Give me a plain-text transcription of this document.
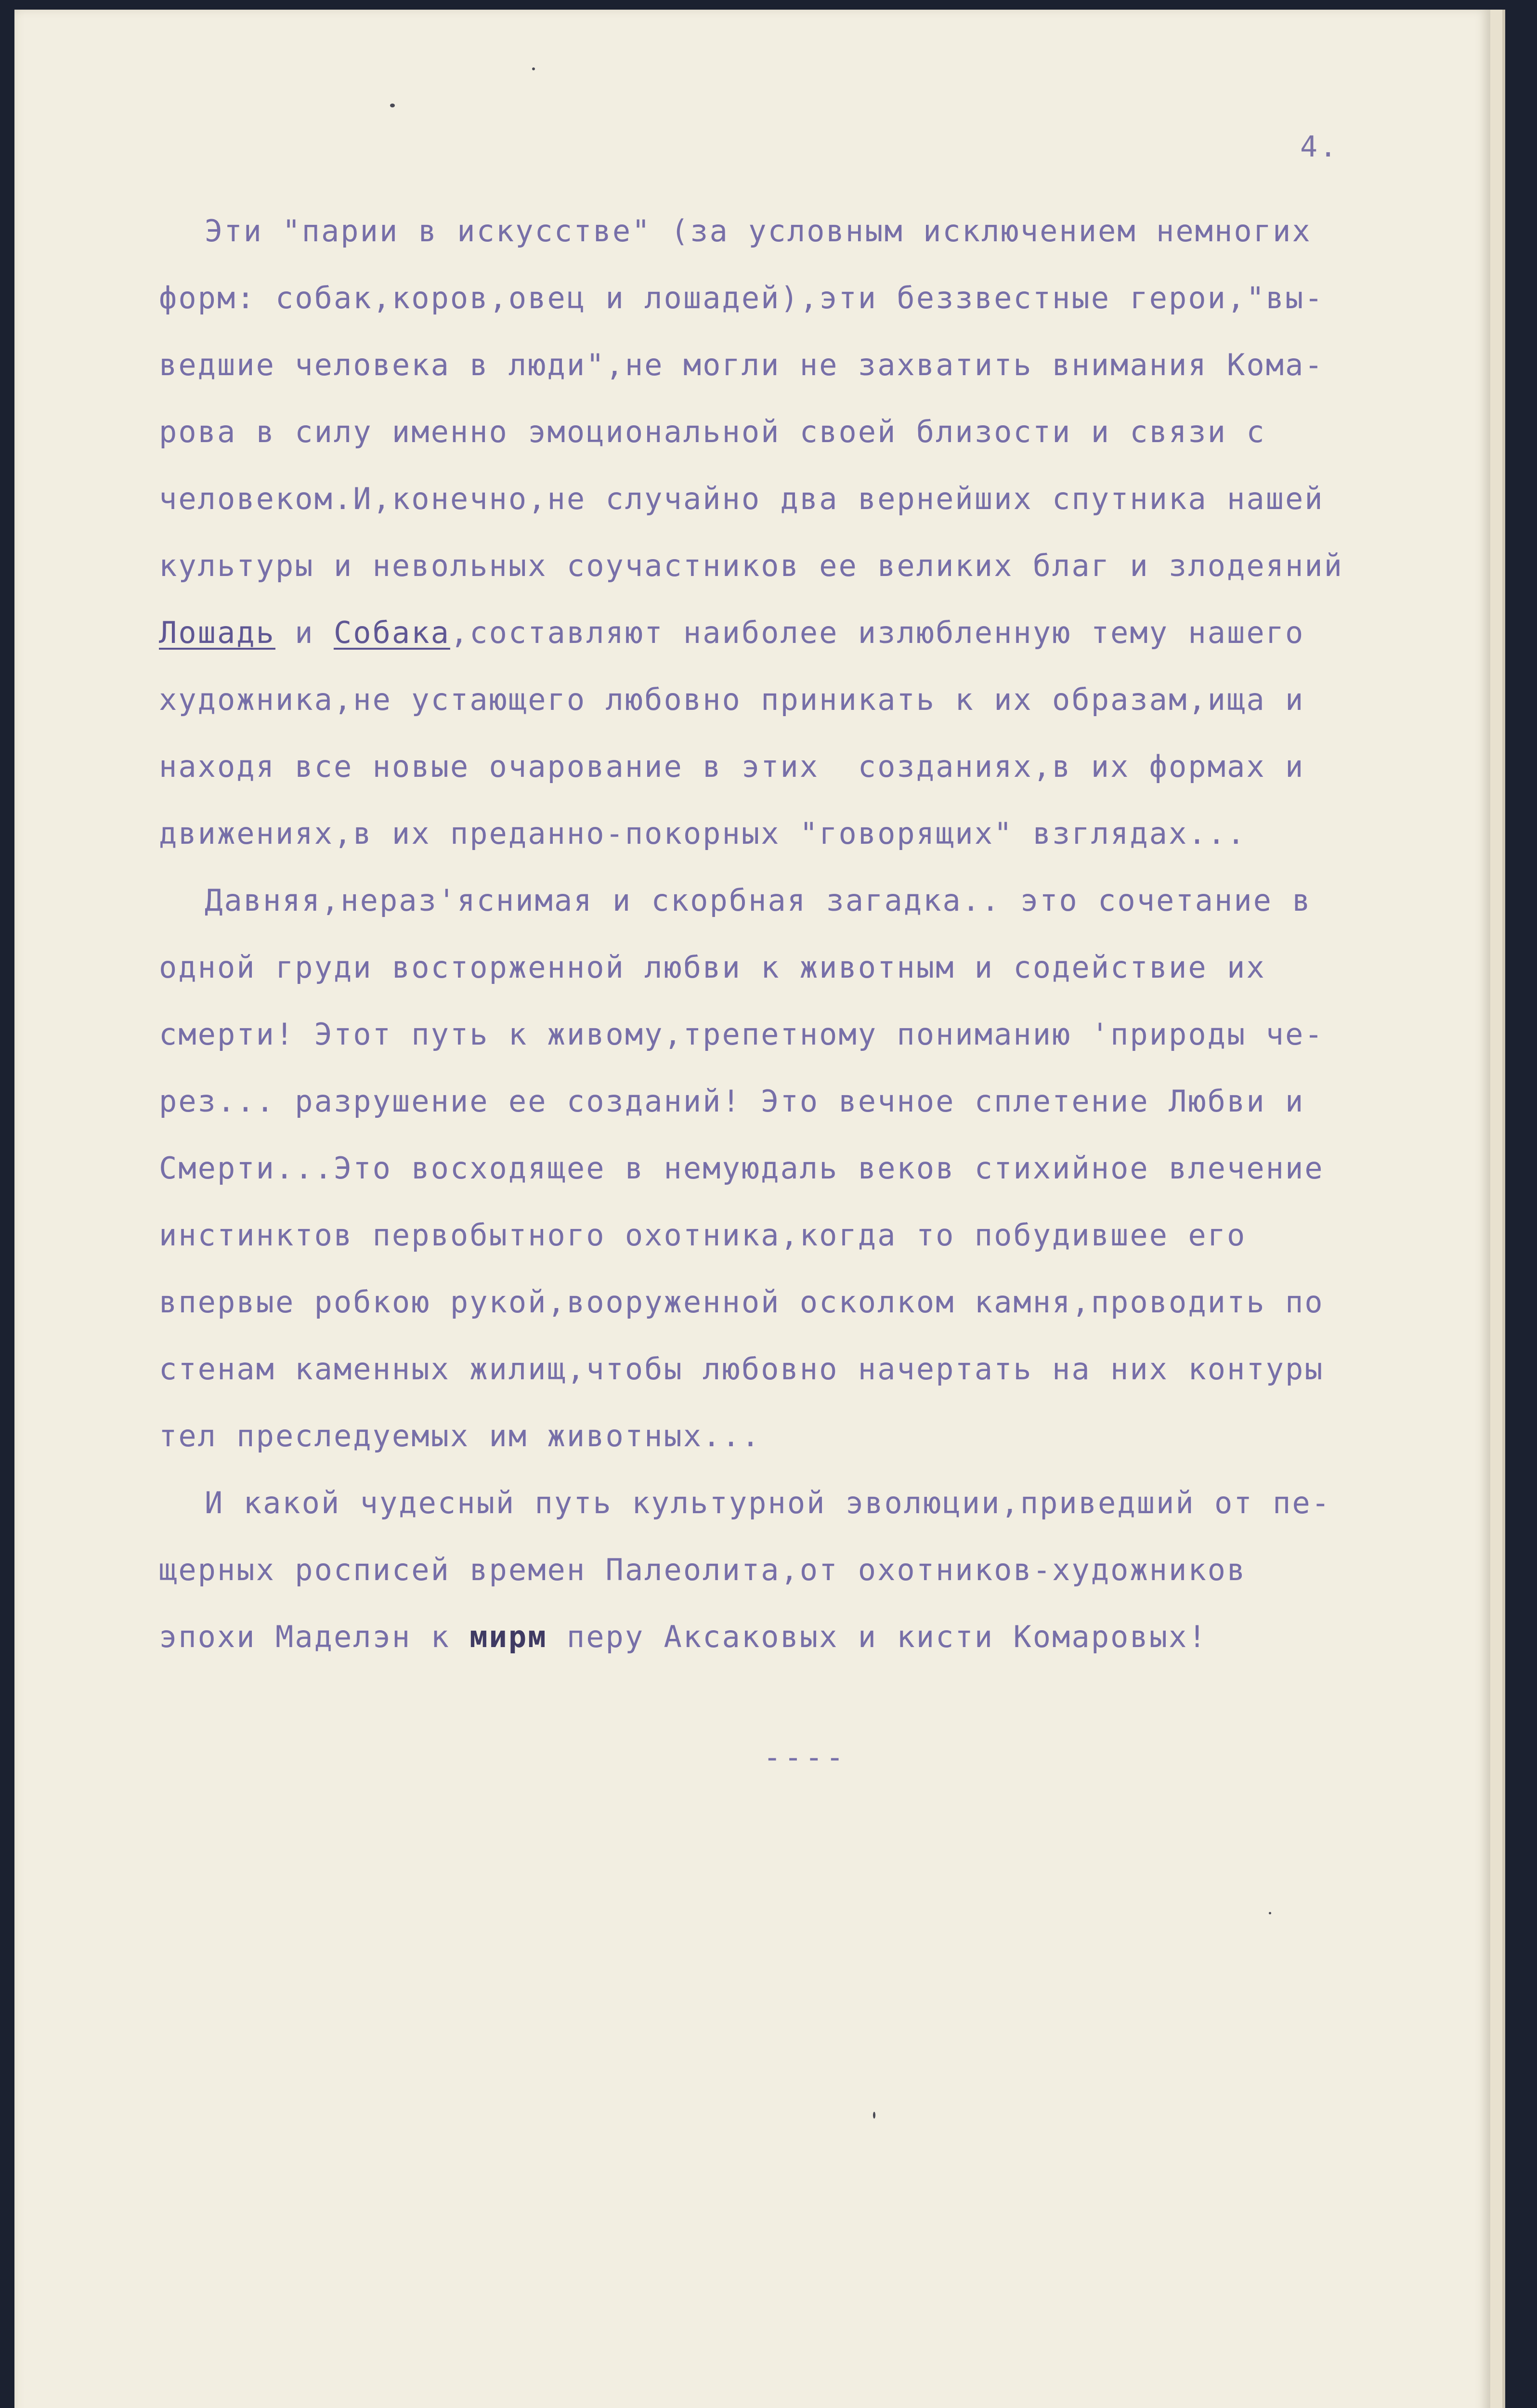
4.
Эти "парии в искусстве" (за условным исключением немногих
форм: собак,коров,овец и лошадей),эти беззвестные герои,"вы-
ведшие человека в люди",не могли не захватить внимания Кома-
рова в силу именно эмоциональной своей близости и связи с
человеком.И,конечно,не случайно два вернейших спутника нашей
культуры и невольных соучастников ее великих благ и злодеяний
Лошадь и Собака,составляют наиболее излюбленную тему нашего
художника,не устающего любовно приникать к их образам,ища и
находя все новые очарование в этих  созданиях,в их формах и
движениях,в их преданно-покорных "говорящих" взглядах...
Давняя,нераз'яснимая и скорбная загадка.. это сочетание в
одной груди восторженной любви к животным и содействие их
смерти! Этот путь к живому,трепетному пониманию 'природы че-
рез... разрушение ее созданий! Это вечное сплетение Любви и
Смерти...Это восходящее в немуюдаль веков стихийное влечение
инстинктов первобытного охотника,когда то побудившее его
впервые робкою рукой,вооруженной осколком камня,проводить по
стенам каменных жилищ,чтобы любовно начертать на них контуры
тел преследуемых им животных...
И какой чудесный путь культурной эволюции,приведший от пе-
щерных росписей времен Палеолита,от охотников-художников
эпохи Маделэн к мирм перу Аксаковых и кисти Комаровых!
----
